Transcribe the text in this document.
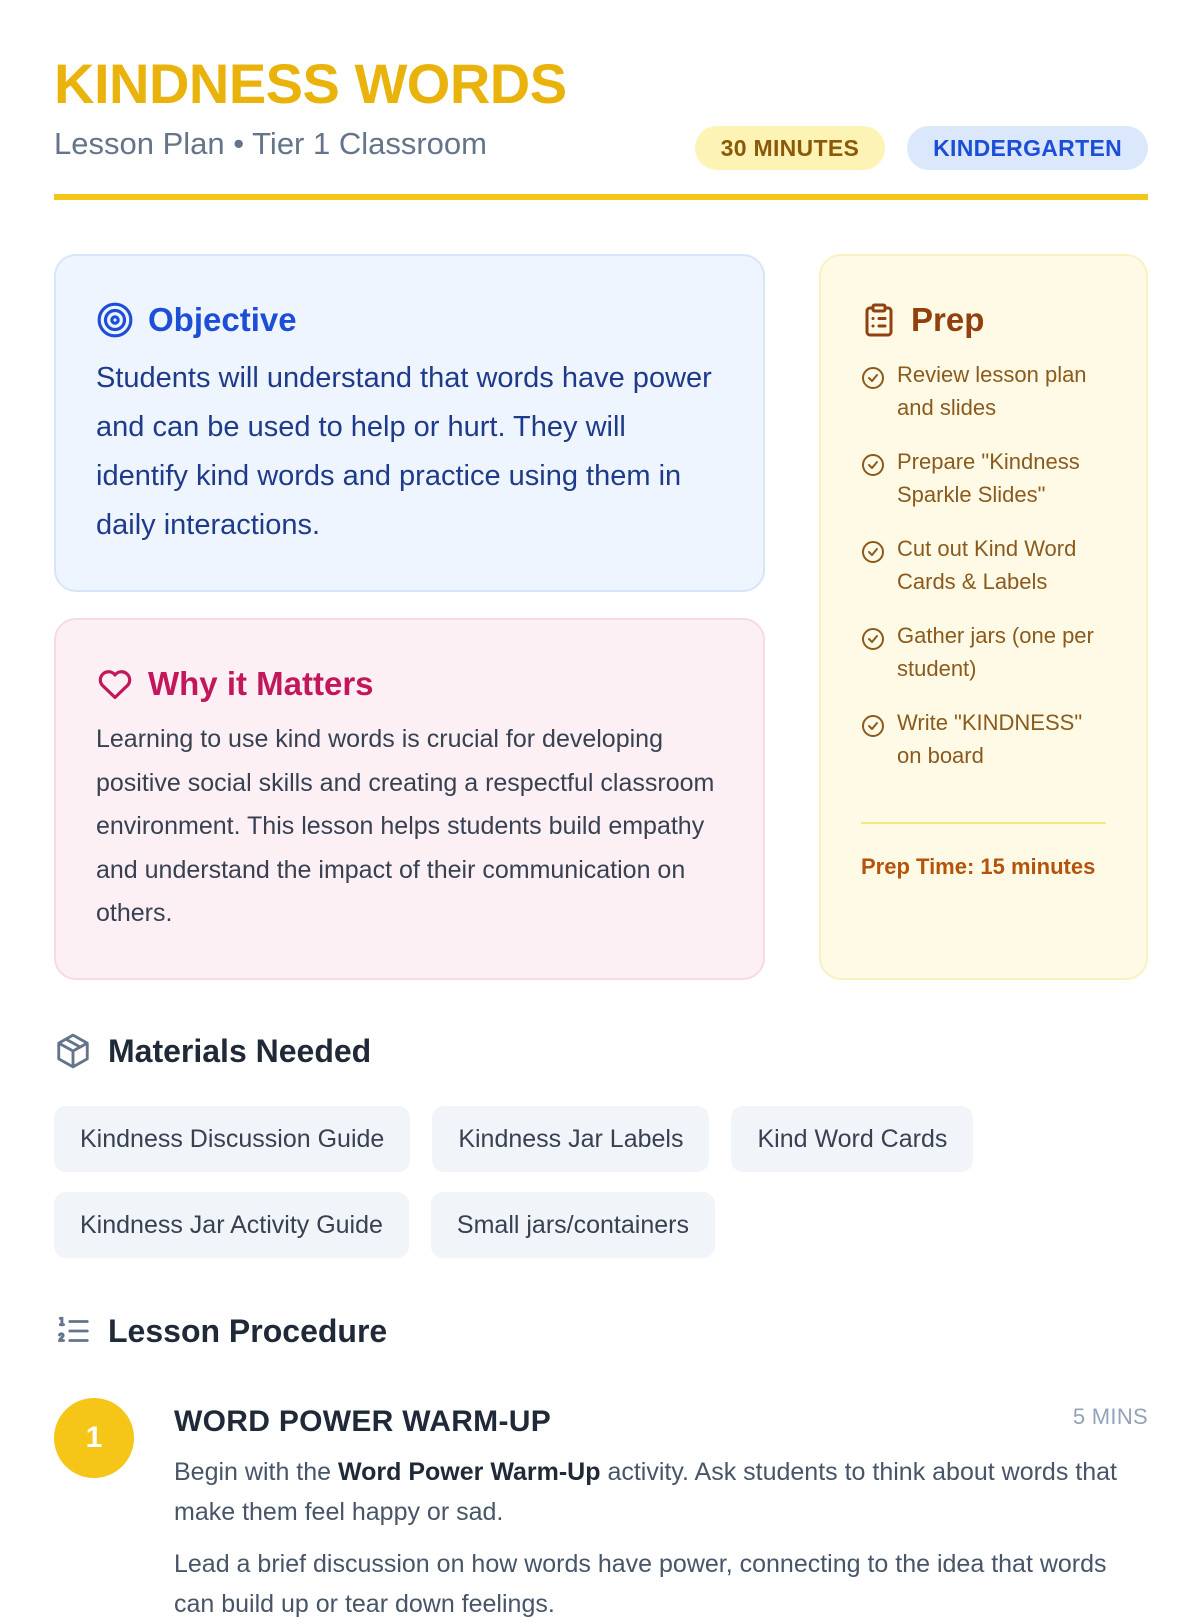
KINDNESS WORDS
Lesson Plan • Tier 1 Classroom	30 MINUTES	KINDERGARTEN
Objective

Students will understand that words have power and can be used to help or hurt. They will identify kind words and practice using them in daily interactions.

Why it Matters

Learning to use kind words is crucial for developing positive social skills and creating a respectful classroom environment. This lesson helps students build empathy and understand the impact of their communication on others.

Prep
Review lesson plan and slides
Prepare "Kindness Sparkle Slides"
Cut out Kind Word Cards & Labels
Gather jars (one per student)
Write "KINDNESS" on board
Prep Time: 15 minutes
Materials Needed
Kindness Discussion Guide	Kindness Jar Labels	Kind Word Cards
Kindness Jar Activity Guide	Small jars/containers
Lesson Procedure
1	WORD POWER WARM-UP	5 MINS

Begin with the Word Power Warm-Up activity. Ask students to think about words that make them feel happy or sad.

Lead a brief discussion on how words have power, connecting to the idea that words can build up or tear down feelings.
